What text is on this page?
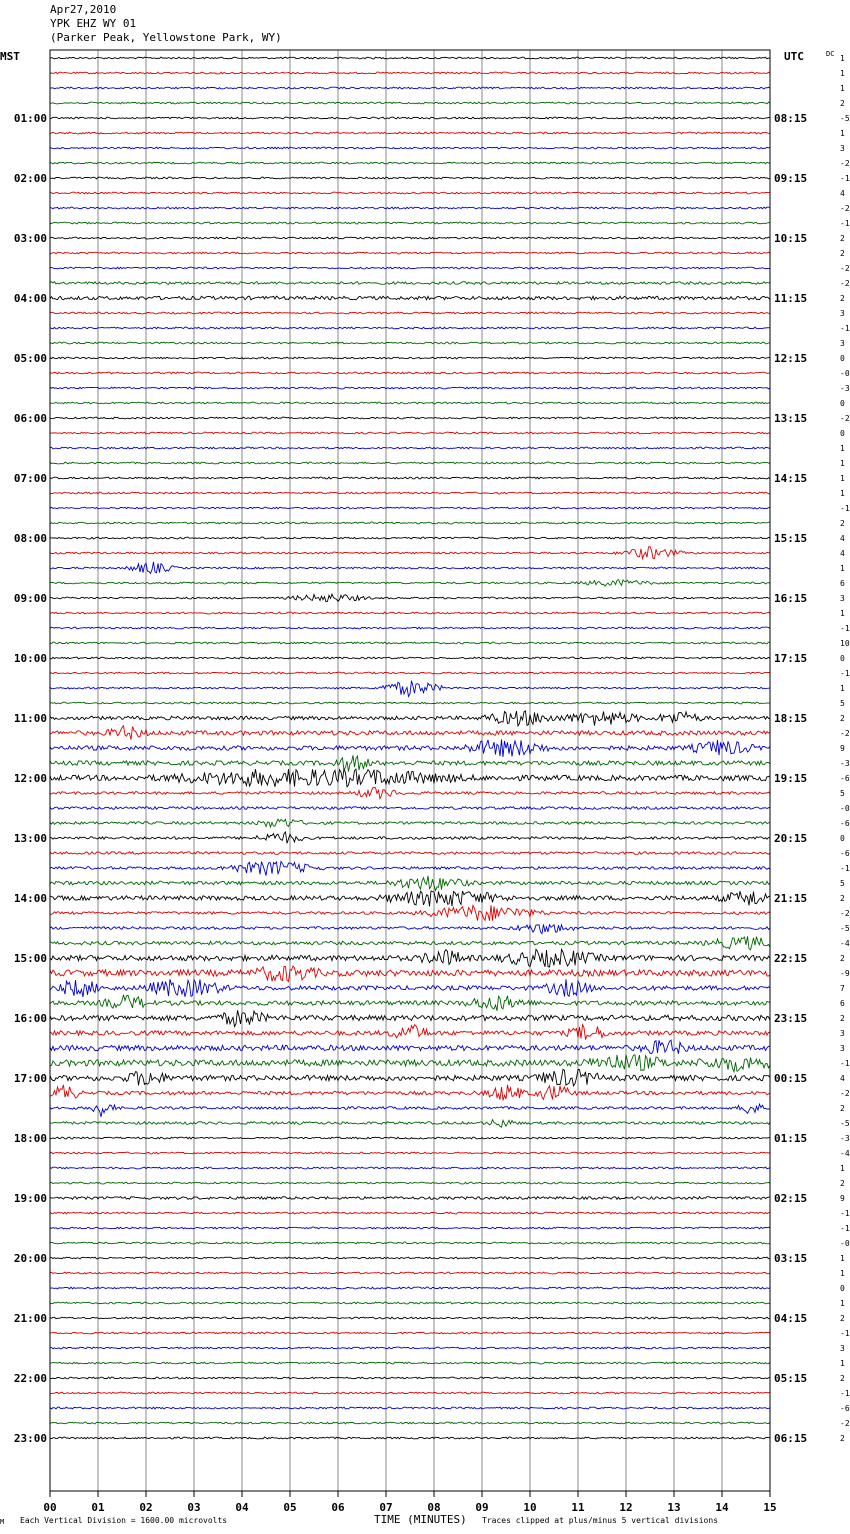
Apr27,2010
YPK EHZ WY 01
(Parker Peak, Yellowstone Park, WY)
MST	UTC
00	01	02	03	04	05	06	07	08	09	10	11	12	13	14	15
1
1
1
2
-5
1
3
-2
-1
4
-2
-1
2
2
-2
-2
2
3
-1
3
0
-0
-3
0
-2
0
1
1
1
1
-1
2
4
4
1
6
3
1
-1
10
0
-1
1
5
2
-2
9
-3
-6
5
-0
-6
0
-6
-1
5
2
-2
-5
-4
2
-9
7
6
2
3
3
-1
4
-2
2
-5
-3
-4
1
2
9
-1
-1
-0
1
1
0
1
2
-1
3
1
2
-1
-6
-2
2
01:00	08:15
02:00	09:15
03:00	10:15
04:00	11:15
05:00	12:15
06:00	13:15
07:00	14:15
08:00	15:15
09:00	16:15
10:00	17:15
11:00	18:15
12:00	19:15
13:00	20:15
14:00	21:15
15:00	22:15
16:00	23:15
17:00	00:15
18:00	01:15
19:00	02:15
20:00	03:15
21:00	04:15
22:00	05:15
23:00	06:15
DC
M Each Vertical Division = 1600.00 microvolts	TIME (MINUTES) Traces clipped at plus/minus 5 vertical divisions
